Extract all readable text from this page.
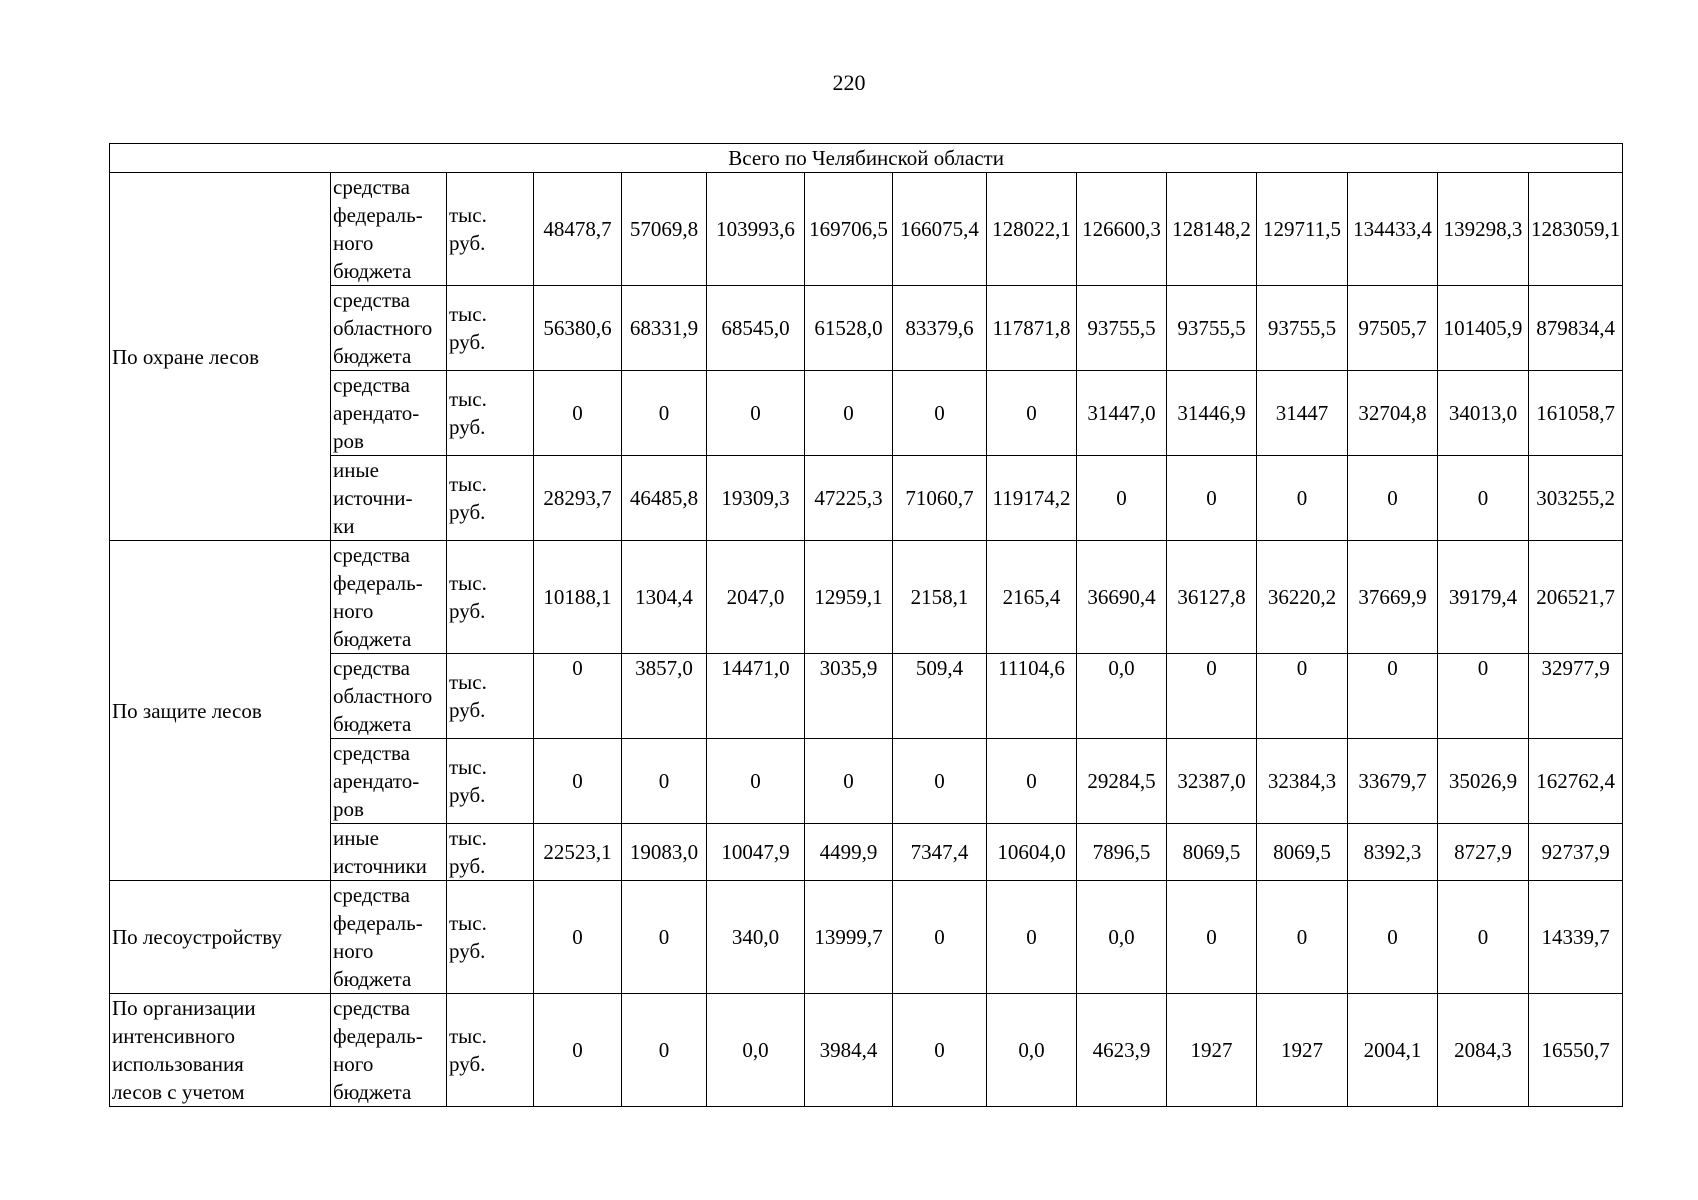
220
Всего по Челябинской области														
По охране лесов	средства
федераль-
ного
бюджета	тыс.
руб.	48478,7	57069,8	103993,6	169706,5	166075,4	128022,1	126600,3	128148,2	129711,5	134433,4	139298,3	1283059,1
	средства
областного
бюджета	тыс.
руб.	56380,6	68331,9	68545,0	61528,0	83379,6	117871,8	93755,5	93755,5	93755,5	97505,7	101405,9	879834,4
	средства
арендато-
ров	тыс.
руб.	0	0	0	0	0	0	31447,0	31446,9	31447	32704,8	34013,0	161058,7
	иные
источни-
ки	тыс.
руб.	28293,7	46485,8	19309,3	47225,3	71060,7	119174,2	0	0	0	0	0	303255,2
По защите лесов	средства
федераль-
ного
бюджета	тыс.
руб.	10188,1	1304,4	2047,0	12959,1	2158,1	2165,4	36690,4	36127,8	36220,2	37669,9	39179,4	206521,7
	средства
областного
бюджета	тыс.
руб.	0	3857,0	14471,0	3035,9	509,4	11104,6	0,0	0	0	0	0	32977,9
	средства
арендато-
ров	тыс.
руб.	0	0	0	0	0	0	29284,5	32387,0	32384,3	33679,7	35026,9	162762,4
	иные
источники	тыс.
руб.	22523,1	19083,0	10047,9	4499,9	7347,4	10604,0	7896,5	8069,5	8069,5	8392,3	8727,9	92737,9
По лесоустройству	средства
федераль-
ного
бюджета	тыс.
руб.	0	0	340,0	13999,7	0	0	0,0	0	0	0	0	14339,7
По организации
интенсивного
использования
лесов с учетом	средства
федераль-
ного
бюджета	тыс.
руб.	0	0	0,0	3984,4	0	0,0	4623,9	1927	1927	2004,1	2084,3	16550,7
